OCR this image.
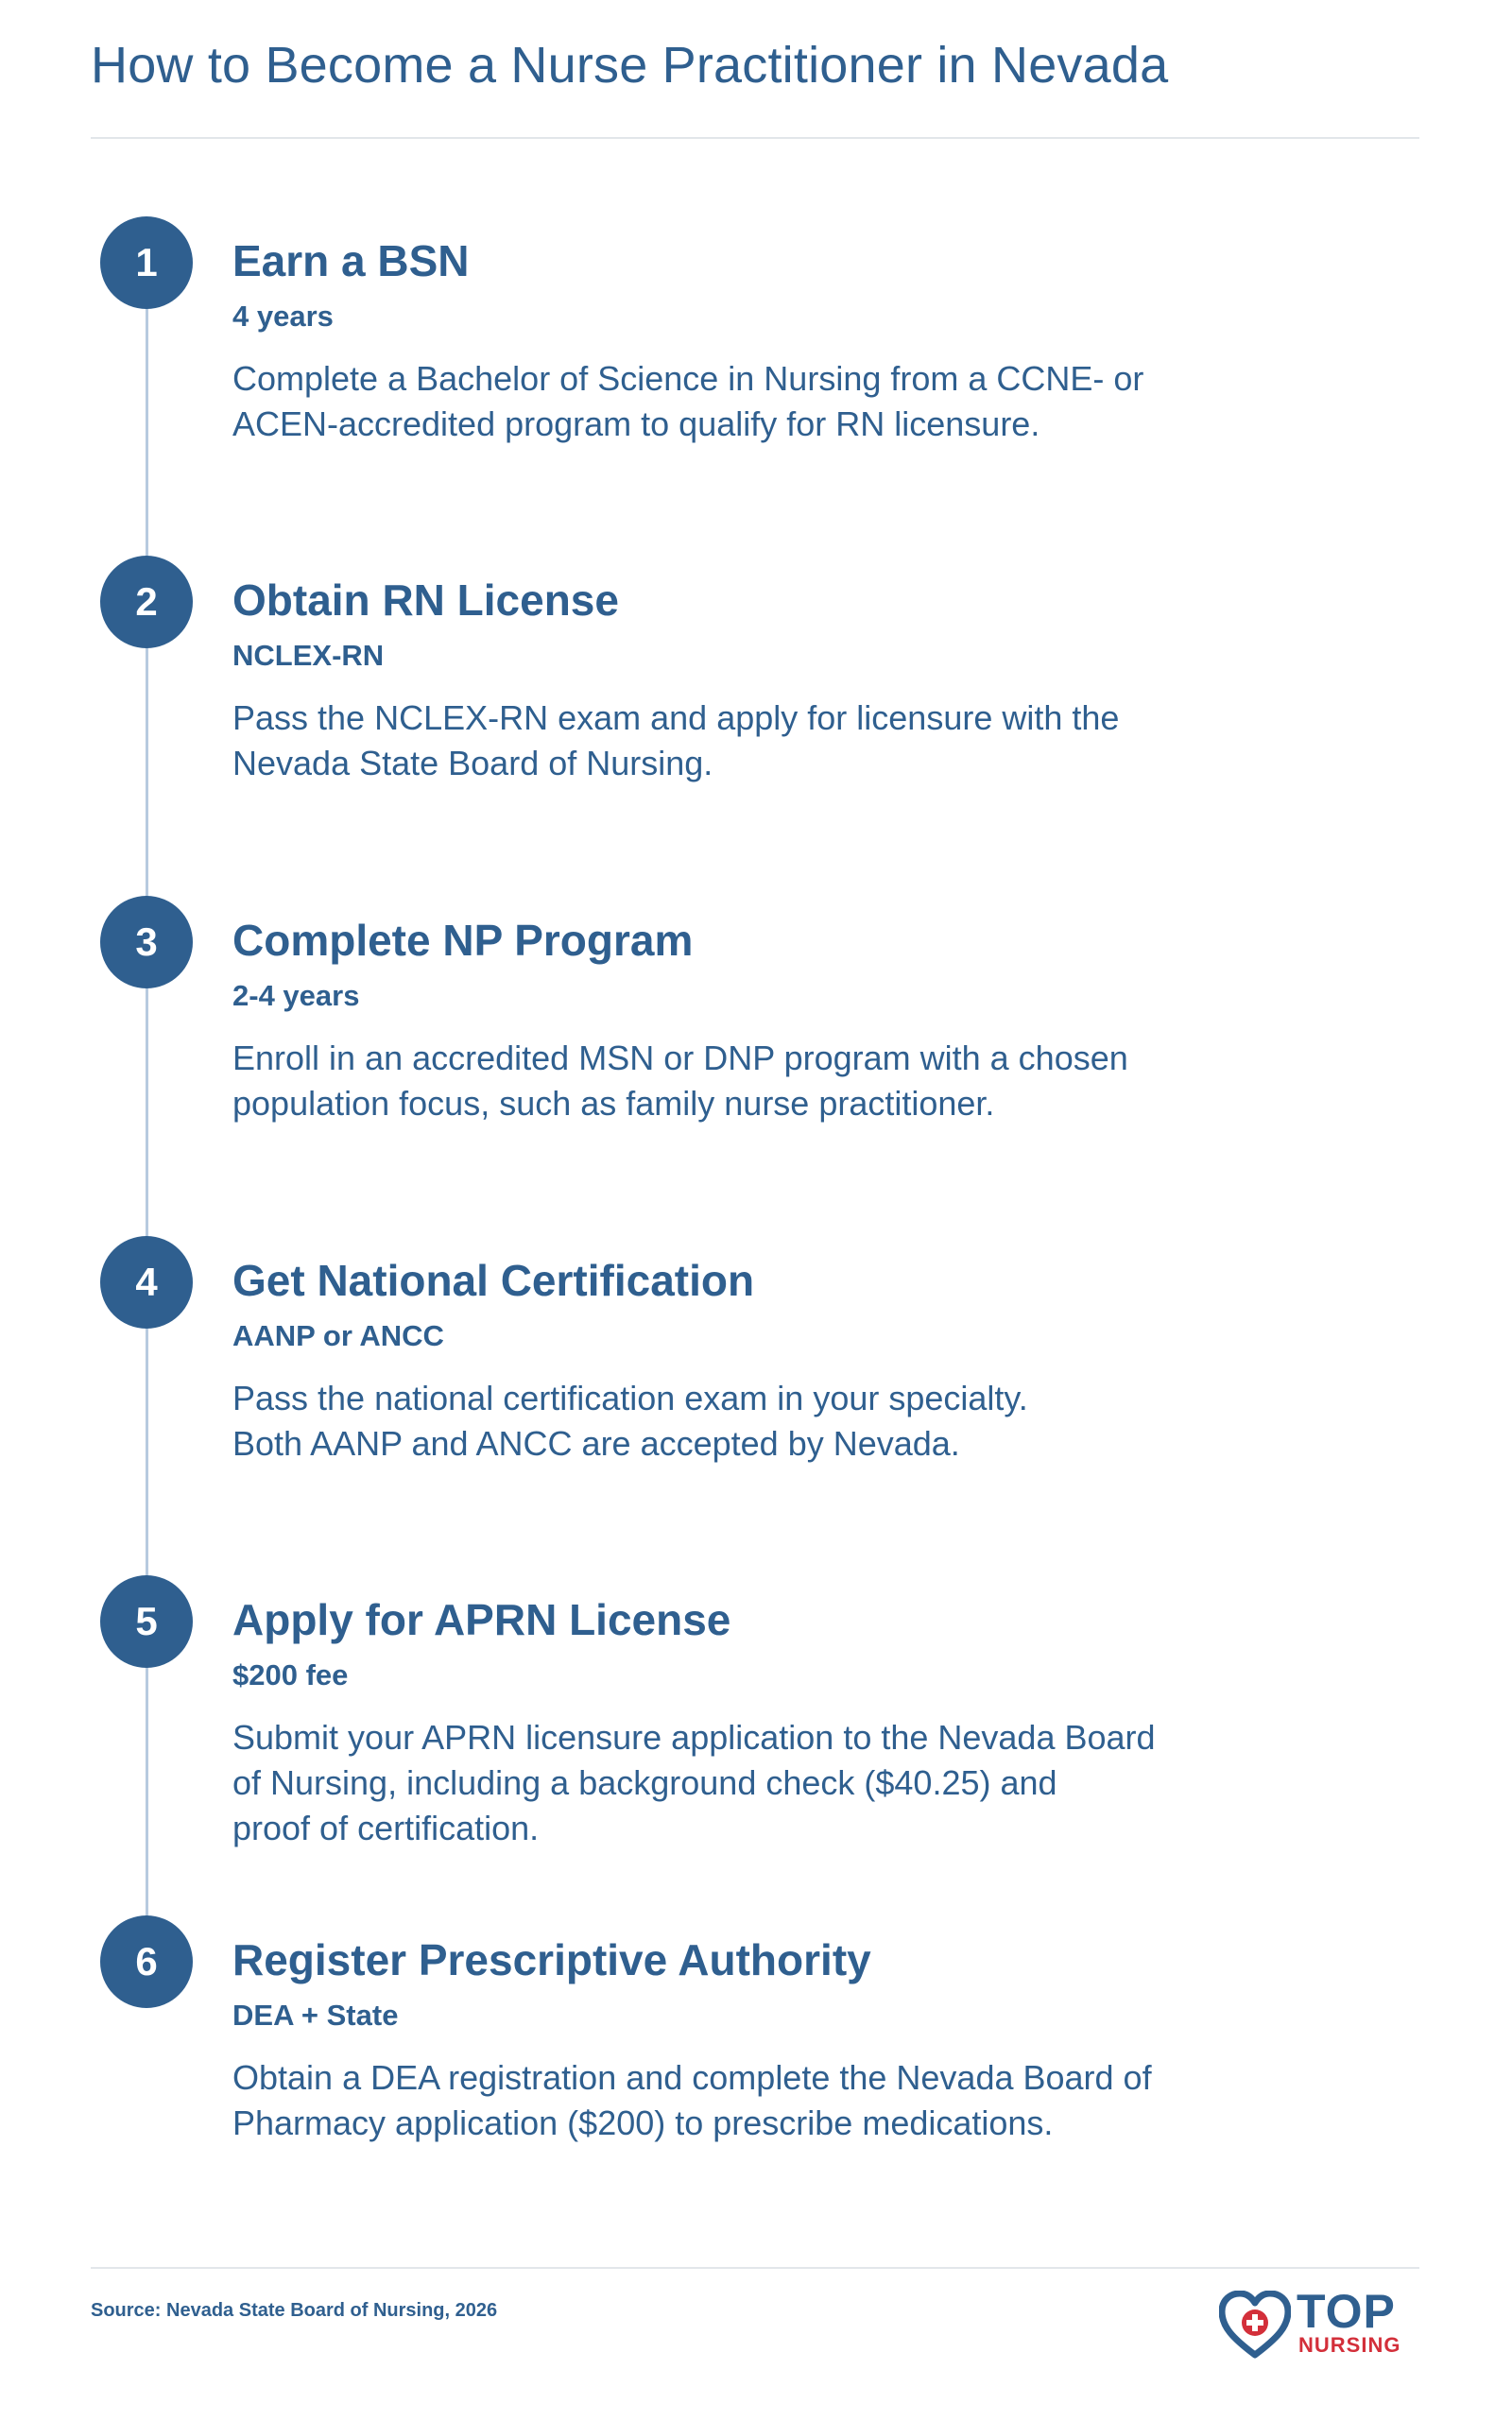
How to Become a Nurse Practitioner in Nevada
1	Earn a BSN
4 years
Complete a Bachelor of Science in Nursing from a CCNE- or
ACEN-accredited program to qualify for RN licensure.
2	Obtain RN License
NCLEX-RN
Pass the NCLEX-RN exam and apply for licensure with the
Nevada State Board of Nursing.
3	Complete NP Program
2-4 years
Enroll in an accredited MSN or DNP program with a chosen
population focus, such as family nurse practitioner.
4	Get National Certification
AANP or ANCC
Pass the national certification exam in your specialty.
Both AANP and ANCC are accepted by Nevada.
5	Apply for APRN License
$200 fee
Submit your APRN licensure application to the Nevada Board
of Nursing, including a background check ($40.25) and
proof of certification.
6	Register Prescriptive Authority
DEA + State
Obtain a DEA registration and complete the Nevada Board of
Pharmacy application ($200) to prescribe medications.
Source: Nevada State Board of Nursing, 2026	TOP
NURSING
